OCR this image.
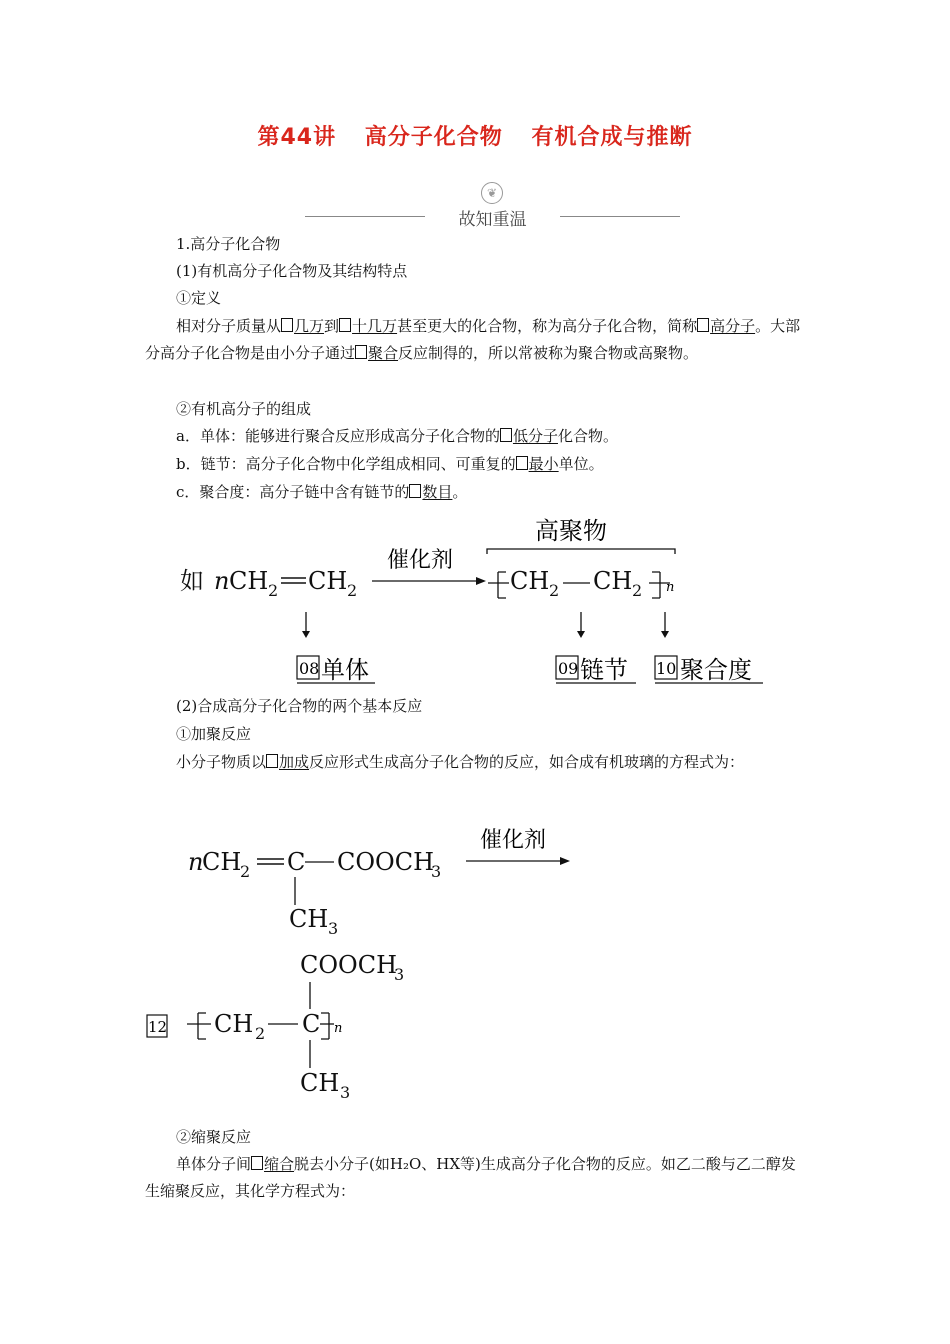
第44讲 高分子化合物 有机合成与推断
❦
故知重温
1.高分子化合物
(1)有机高分子化合物及其结构特点
①定义
相对分子质量从 几万到 十几万甚至更大的化合物，称为高分子化合物，简称 高分子。大部分高分子化合物是由小分子通过 聚合反应制得的，所以常被称为聚合物或高聚物。
②有机高分子的组成
a．单体：能够进行聚合反应形成高分子化合物的 低分子化合物。
b．链节：高分子化合物中化学组成相同、可重复的 最小单位。
c．聚合度：高分子链中含有链节的 数目。
如 n CH 2 CH 2
催化剂
高聚物
CH 2 CH 2 n
08 单体	09 链节 10 聚合度
(2)合成高分子化合物的两个基本反应
①加聚反应
小分子物质以 加成反应形式生成高分子化合物的反应，如合成有机玻璃的方程式为：
n
CH
2 C COOCH
3
CH 3
催化剂
12
COOCH
3
CH 2 C
CH 3
n
②缩聚反应
单体分子间 缩合脱去小分子(如H₂O、HX等)生成高分子化合物的反应。如乙二酸与乙二醇发生缩聚反应，其化学方程式为：
